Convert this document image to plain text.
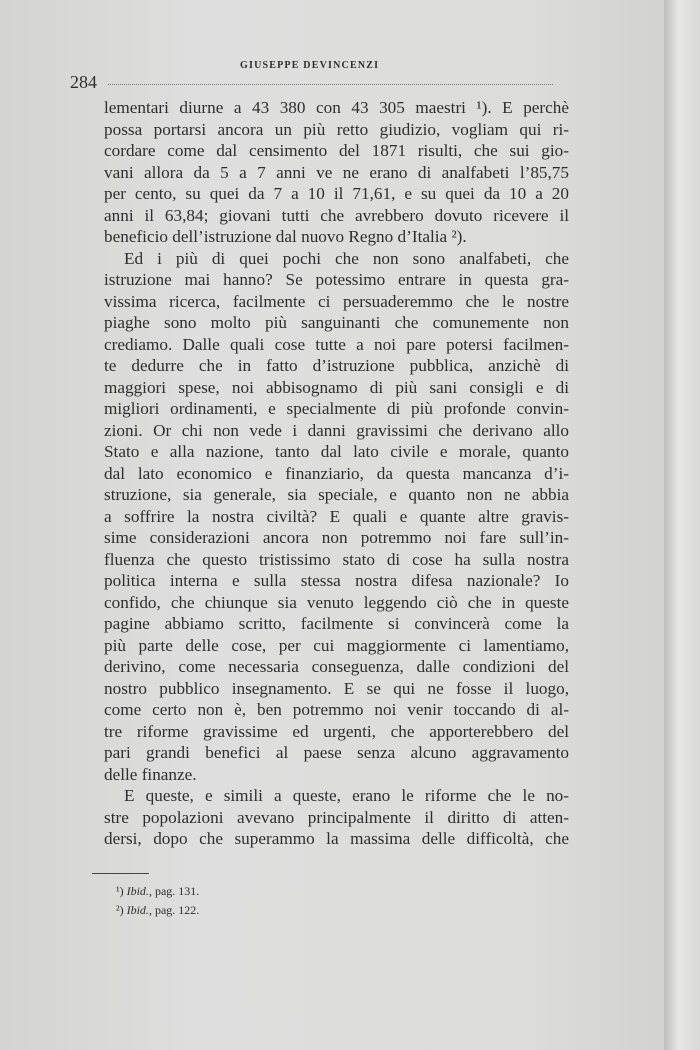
284
GIUSEPPE DEVINCENZI
lementari diurne a 43 380 con 43 305 maestri ¹). E perchè
possa portarsi ancora un più retto giudizio, vogliam qui ri-
cordare come dal censimento del 1871 risulti, che sui gio-
vani allora da 5 a 7 anni ve ne erano di analfabeti l’85,75
per cento, su quei da 7 a 10 il 71,61, e su quei da 10 a 20
anni il 63,84; giovani tutti che avrebbero dovuto ricevere il
beneficio dell’istruzione dal nuovo Regno d’Italia ²).
Ed i più di quei pochi che non sono analfabeti, che
istruzione mai hanno? Se potessimo entrare in questa gra-
vissima ricerca, facilmente ci persuaderemmo che le nostre
piaghe sono molto più sanguinanti che comunemente non
crediamo. Dalle quali cose tutte a noi pare potersi facilmen-
te dedurre che in fatto d’istruzione pubblica, anzichè di
maggiori spese, noi abbisognamo di più sani consigli e di
migliori ordinamenti, e specialmente di più profonde convin-
zioni. Or chi non vede i danni gravissimi che derivano allo
Stato e alla nazione, tanto dal lato civile e morale, quanto
dal lato economico e finanziario, da questa mancanza d’i-
struzione, sia generale, sia speciale, e quanto non ne abbia
a soffrire la nostra civiltà? E quali e quante altre gravis-
sime considerazioni ancora non potremmo noi fare sull’in-
fluenza che questo tristissimo stato di cose ha sulla nostra
politica interna e sulla stessa nostra difesa nazionale? Io
confido, che chiunque sia venuto leggendo ciò che in queste
pagine abbiamo scritto, facilmente si convincerà come la
più parte delle cose, per cui maggiormente ci lamentiamo,
derivino, come necessaria conseguenza, dalle condizioni del
nostro pubblico insegnamento. E se qui ne fosse il luogo,
come certo non è, ben potremmo noi venir toccando di al-
tre riforme gravissime ed urgenti, che apporterebbero del
pari grandi benefici al paese senza alcuno aggravamento
delle finanze.
E queste, e simili a queste, erano le riforme che le no-
stre popolazioni avevano principalmente il diritto di atten-
dersi, dopo che superammo la massima delle difficoltà, che
¹) Ibid., pag. 131.
²) Ibid., pag. 122.
